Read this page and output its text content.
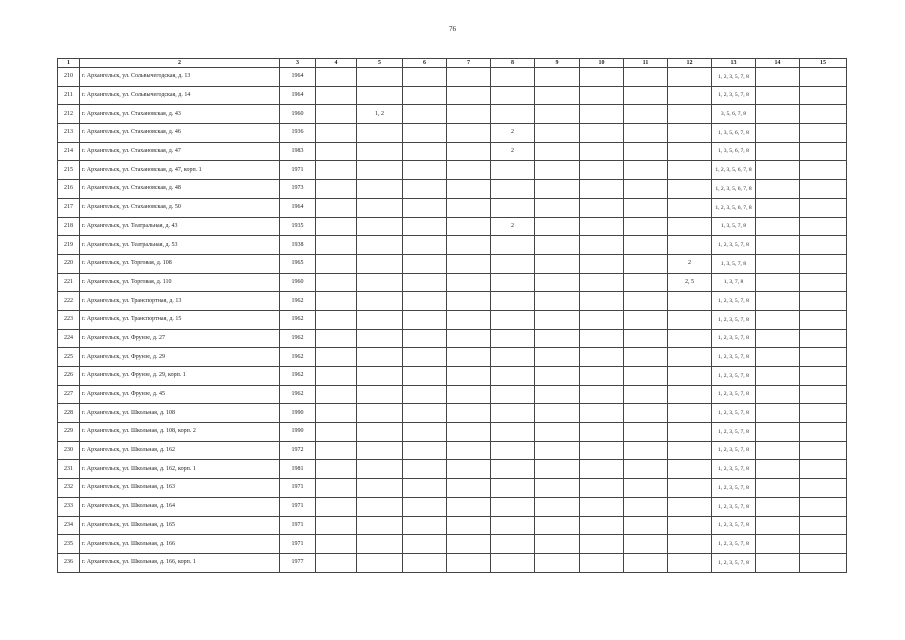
76
1	2	3	4	5	6	7	8	9	10	11	12	13	14	15
210	г. Архангельск, ул. Сольвычегодская, д. 13	1964										1, 2, 3, 5, 7, 8		
211	г. Архангельск, ул. Сольвычегодская, д. 14	1964										1, 2, 3, 5, 7, 8		
212	г. Архангельск, ул. Стахановская, д. 43	1960		1, 2								3, 5, 6, 7, 8		
213	г. Архангельск, ул. Стахановская, д. 46	1936					2					1, 3, 5, 6, 7, 8		
214	г. Архангельск, ул. Стахановская, д. 47	1983					2					1, 3, 5, 6, 7, 8		
215	г. Архангельск, ул. Стахановская, д. 47, корп. 1	1971										1, 2, 3, 5, 6, 7, 8		
216	г. Архангельск, ул. Стахановская, д. 48	1973										1, 2, 3, 5, 6, 7, 8		
217	г. Архангельск, ул. Стахановская, д. 50	1964										1, 2, 3, 5, 6, 7, 8		
218	г. Архангельск, ул. Театральная, д. 43	1935					2					1, 3, 5, 7, 8		
219	г. Архангельск, ул. Театральная, д. 53	1938										1, 2, 3, 5, 7, 8		
220	г. Архангельск, ул. Торговая, д. 108	1965									2	1, 3, 5, 7, 8		
221	г. Архангельск, ул. Торговая, д. 110	1960									2, 5	1, 3, 7, 8		
222	г. Архангельск, ул. Транспортная, д. 13	1962										1, 2, 3, 5, 7, 8		
223	г. Архангельск, ул. Транспортная, д. 15	1962										1, 2, 3, 5, 7, 8		
224	г. Архангельск, ул. Фрунзе, д. 27	1962										1, 2, 3, 5, 7, 8		
225	г. Архангельск, ул. Фрунзе, д. 29	1962										1, 2, 3, 5, 7, 8		
226	г. Архангельск, ул. Фрунзе, д. 29, корп. 1	1962										1, 2, 3, 5, 7, 8		
227	г. Архангельск, ул. Фрунзе, д. 45	1962										1, 2, 3, 5, 7, 8		
228	г. Архангельск, ул. Школьная, д. 108	1990										1, 2, 3, 5, 7, 8		
229	г. Архангельск, ул. Школьная, д. 108, корп. 2	1990										1, 2, 3, 5, 7, 8		
230	г. Архангельск, ул. Школьная, д. 162	1972										1, 2, 3, 5, 7, 8		
231	г. Архангельск, ул. Школьная, д. 162, корп. 1	1981										1, 2, 3, 5, 7, 8		
232	г. Архангельск, ул. Школьная, д. 163	1971										1, 2, 3, 5, 7, 8		
233	г. Архангельск, ул. Школьная, д. 164	1971										1, 2, 3, 5, 7, 8		
234	г. Архангельск, ул. Школьная, д. 165	1971										1, 2, 3, 5, 7, 8		
235	г. Архангельск, ул. Школьная, д. 166	1971										1, 2, 3, 5, 7, 8		
236	г. Архангельск, ул. Школьная, д. 166, корп. 1	1977										1, 2, 3, 5, 7, 8		
